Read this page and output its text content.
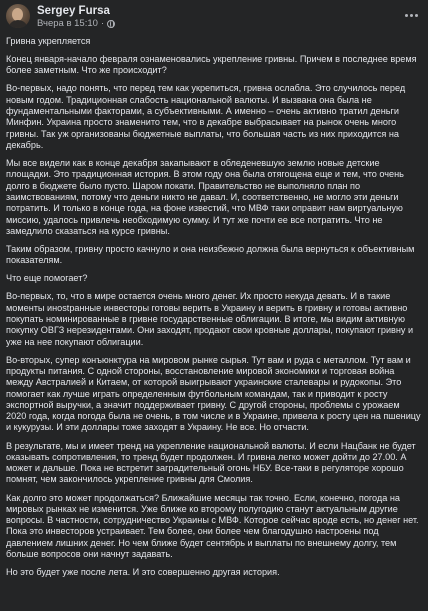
Sergey Fursa
Вчера в 15:10 ·

Гривна укрепляется

Конец января-начало февраля ознаменовались укрепление гривны. Причем в последнее время более заметным. Что же происходит?

Во-первых, надо понять, что перед тем как укрепиться, гривна ослабла. Это случилось перед новым годом. Традиционная слабость национальной валюты. И вызвана она была не фундаментальными факторами, а субъективными. А именно – очень активно тратил деньги Минфин. Украина просто знаменито тем, что в декабре выбрасывает на рынок очень много гривны. Так уж организованы бюджетные выплаты, что большая часть из них приходится на декабрь.

Мы все видели как в конце декабря закапывают в обледеневшую землю новые детские площадки. Это традиционная история. В этом году она была отягощена еще и тем, что очень долго в бюджете было пусто. Шаром покати. Правительство не выполняло план по заимствованиям, потому что деньги никто не давал. И, соответственно, не могло эти деньги потратить. И только в конце года, на фоне известий, что МВФ таки оправит нам виртуальную миссию, удалось привлечь необходимую сумму. И тут же почти ее все потратить. Что не замедлило сказаться на курсе гривны.

Таким образом, гривну просто качнуло и она неизбежно должна была вернуться к объективным показателям.

Что еще помогает?

Во-первых, то, что в мире остается очень много денег. Их просто некуда девать. И в такие моменты инostранные инвесторы готовы верить в Украину и верить в гривну и готовы активно покупать номинированные в гривне государственные облигации. В итоге, мы видим активную покупку ОВГЗ нерезидентами. Они заходят, продают свои кровные доллары, покупают гривну и уже на нее покупают облигации.

Во-вторых, супер конъюнктура на мировом рынке сырья. Тут вам и руда с металлом. Тут вам и продукты питания. С одной стороны, восстановление мировой экономики и торговая война между Австралией и Китаем, от которой выигрывают украинские сталевары и рудокопы. Это помогает как лучше играть определенным футбольным командам, так и приводит к росту экспортной выручки, а значит поддерживает гривну. С другой стороны, проблемы с урожаем 2020 года, когда погода была не очень, в том числе и в Украине, привела к росту цен на пшеницу и кукурузы. И эти доллары тоже заходят в Украину. Не все. Но отчасти.

В результате, мы и имеет тренд на укрепление национальной валюты. И если Нацбанк не будет оказывать сопротивления, то тренд будет продолжен. И гривна легко может дойти до 27.00. А может и дальше. Пока не встретит заградительный огонь НБУ. Все-таки в регуляторе хорошо помнят, чем закончилось укрепление гривны для Смолия.

Как долго это может продолжаться? Ближайшие месяцы так точно. Если, конечно, погода на мировых рынках не изменится. Уже ближе ко второму полугодию станут актуальным другие вопросы. В частности, сотрудничество Украины с МВФ. Которое сейчас вроде есть, но денег нет. Пока это инвесторов устраивает. Тем более, они более чем благодушно настроены под давлением лишних денег. Но чем ближе будет сентябрь и выплаты по внешнему долгу, тем больше вопросов они начнут задавать.

Но это будет уже после лета. И это совершенно другая история.
